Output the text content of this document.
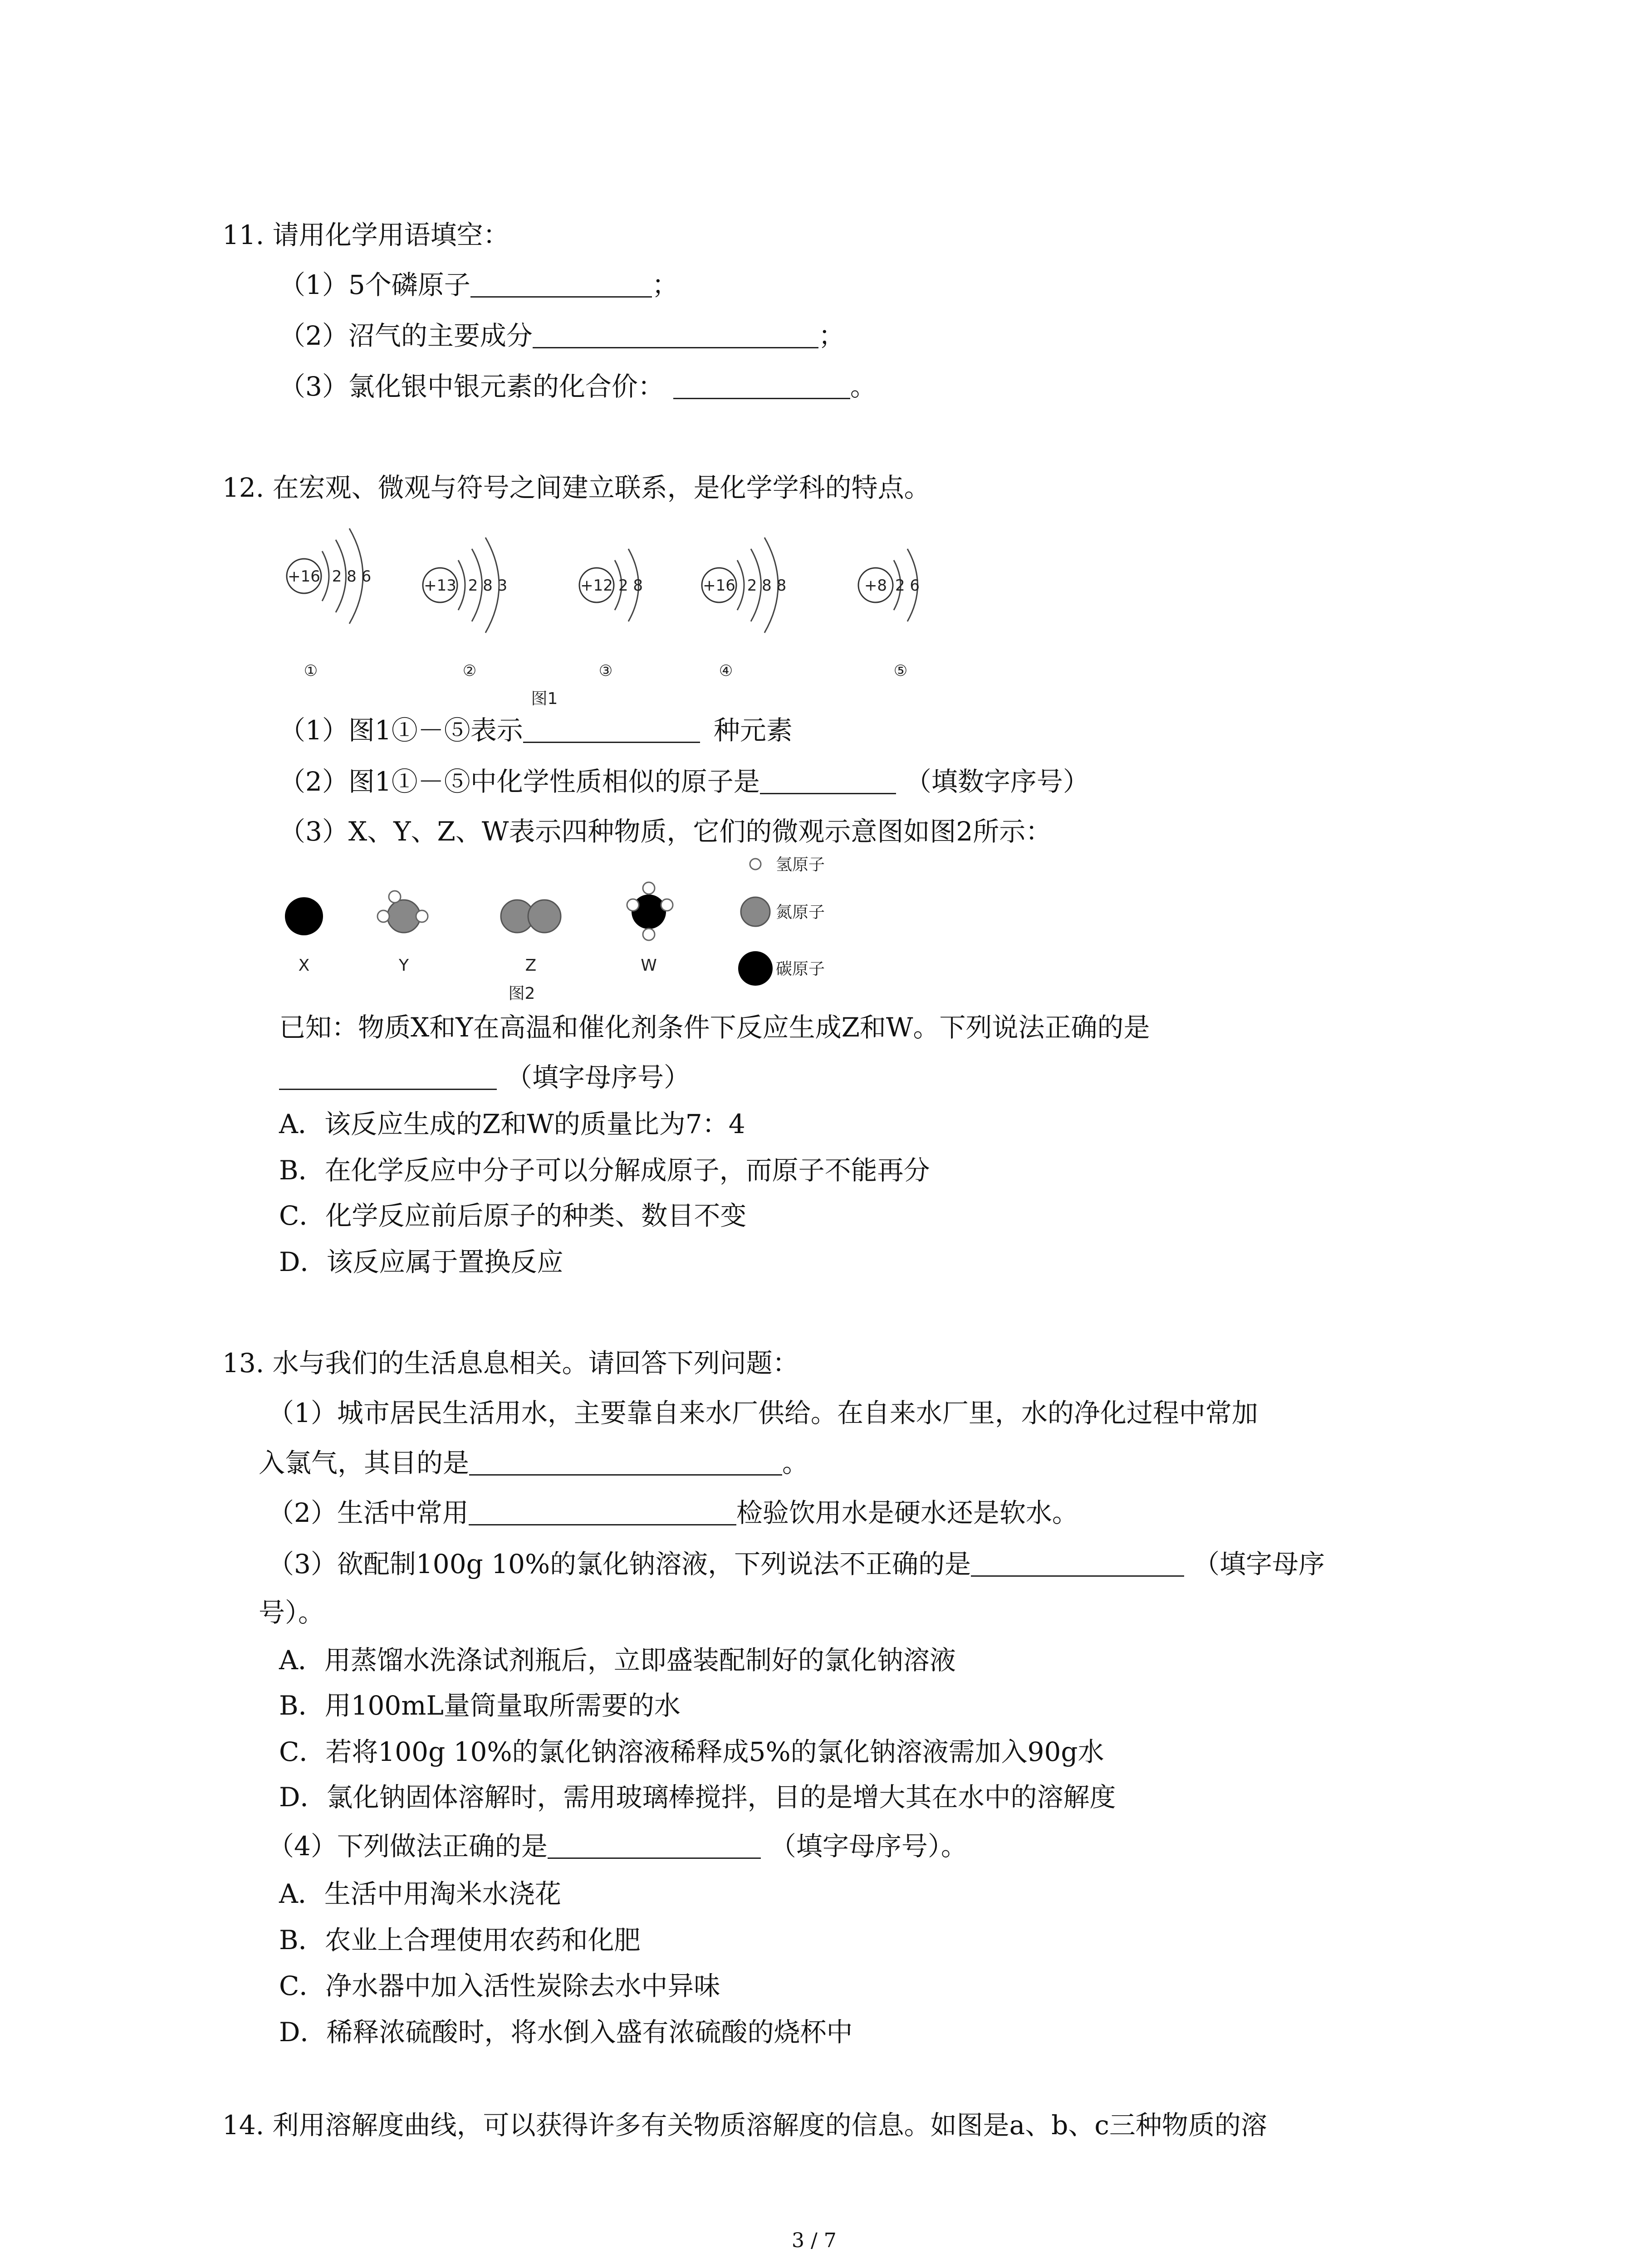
11. 请用化学用语填空：
（1）5个磷原子	；
（2）沼气的主要成分	；
（3）氯化银中银元素的化合价：	。
12. 在宏观、微观与符号之间建立联系，是化学学科的特点。
+16 2 8 6
①
+13 2 8 3
②
+12 2 8
③
+16 2 8 8
④
+8 2 6
⑤
图1
（1）图1①－⑤表示	种元素
（2）图1①－⑤中化学性质相似的原子是	（填数字序号）
（3）X、Y、Z、W表示四种物质，它们的微观示意图如图2所示：
X	Y	Z	W
氢原子
氮原子
碳原子
图2
已知：物质X和Y在高温和催化剂条件下反应生成Z和W。下列说法正确的是
（填字母序号）
A．该反应生成的Z和W的质量比为7：4
B．在化学反应中分子可以分解成原子，而原子不能再分
C．化学反应前后原子的种类、数目不变
D．该反应属于置换反应
13. 水与我们的生活息息相关。请回答下列问题：
（1）城市居民生活用水，主要靠自来水厂供给。在自来水厂里，水的净化过程中常加
入氯气，其目的是	。
（2）生活中常用	检验饮用水是硬水还是软水。
（3）欲配制100g 10%的氯化钠溶液，下列说法不正确的是	（填字母序
号）。
A．用蒸馏水洗涤试剂瓶后，立即盛装配制好的氯化钠溶液
B．用100mL量筒量取所需要的水
C．若将100g 10%的氯化钠溶液稀释成5%的氯化钠溶液需加入90g水
D．氯化钠固体溶解时，需用玻璃棒搅拌，目的是增大其在水中的溶解度
（4）下列做法正确的是	（填字母序号）。
A．生活中用淘米水浇花
B．农业上合理使用农药和化肥
C．净水器中加入活性炭除去水中异味
D．稀释浓硫酸时，将水倒入盛有浓硫酸的烧杯中
14. 利用溶解度曲线，可以获得许多有关物质溶解度的信息。如图是a、b、c三种物质的溶
3 / 7
